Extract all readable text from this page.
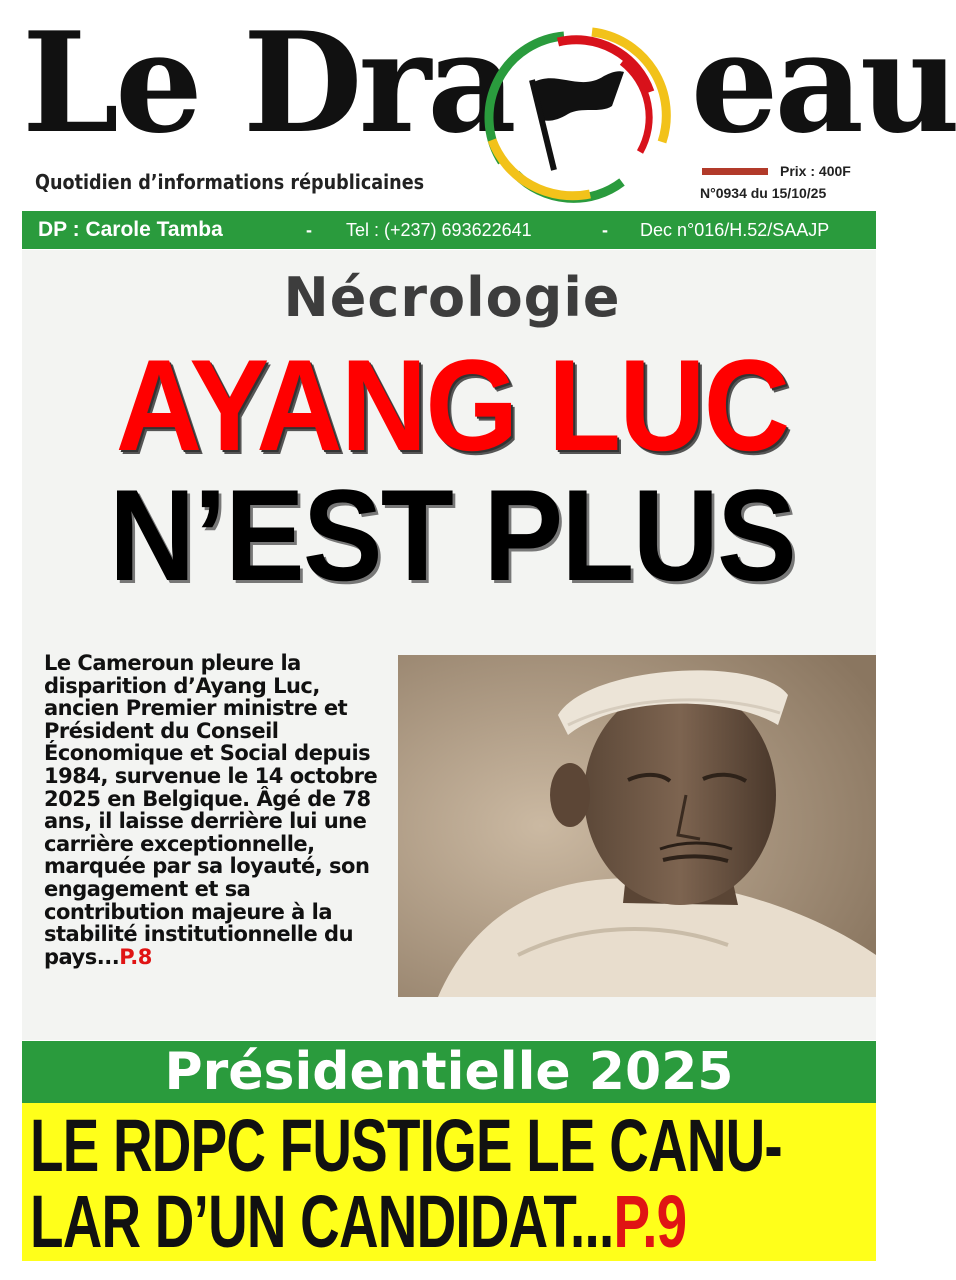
Le Dra eau
Quotidien d’informations républicaines	Prix : 400F
N°0934 du 15/10/25
DP : Carole Tamba	- Tel : (+237) 693622641	- Dec n°016/H.52/SAAJP
Nécrologie
AYANG LUC
N’EST PLUS
Le Cameroun pleure la disparition d’Ayang Luc, ancien Premier ministre et Président du Conseil Économique et Social depuis 1984, survenue le 14 octobre 2025 en Belgique. Âgé de 78 ans, il laisse derrière lui une carrière exceptionnelle, marquée par sa loyauté, son engagement et sa contribution majeure à la stabilité institutionnelle du pays...P.8
Présidentielle 2025
LE RDPC FUSTIGE LE CANU-
LAR D’UN CANDIDAT...P.9
